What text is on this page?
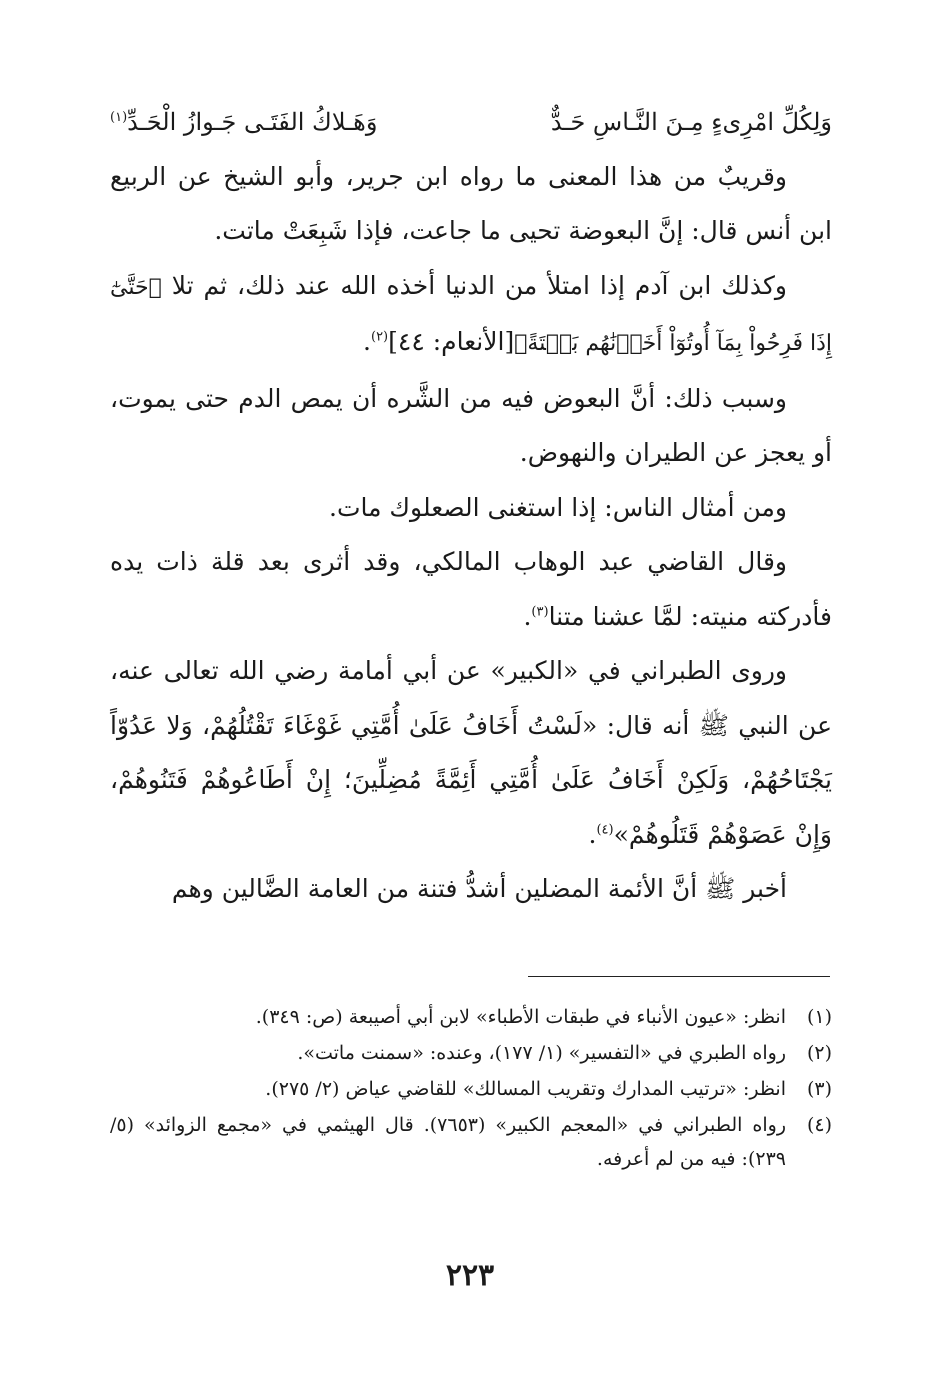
وَلِكُلِّ امْرِىءٍ مِـنَ النَّـاسِ حَـدٌّ
وَهَـلاكُ الفَتَـى جَـوازُ الْحَـدِّ$^{(١)}$

وقريبٌ من هذا المعنى ما رواه ابن جرير، وأبو الشيخ عن الربيع ابن أنس قال: إنَّ البعوضة تحيى ما جاعت، فإذا شَبِعَتْ ماتت.

وكذلك ابن آدم إذا امتلأ من الدنيا أخذه الله عند ذلك، ثم تلا ﴿حَتَّىٰٓ إِذَا فَرِحُواْ بِمَآ أُوتُوٓاْ أَخَذۡنَٰهُم بَغۡتَةً﴾[الأنعام: ٤٤]$^{(٢)}$.

وسبب ذلك: أنَّ البعوض فيه من الشَّره أن يمص الدم حتى يموت، أو يعجز عن الطيران والنهوض.

ومن أمثال الناس: إذا استغنى الصعلوك مات.

وقال القاضي عبد الوهاب المالكي، وقد أثرى بعد قلة ذات يده فأدركته منيته: لمَّا عشنا متنا$^{(٣)}$.

وروى الطبراني في «الكبير» عن أبي أمامة رضي الله تعالى عنه، عن النبي ﷺ أنه قال: «لَسْتُ أَخَافُ عَلَىٰ أُمَّتِي غَوْغَاءَ تَقْتُلُهُمْ، وَلا عَدُوّاً يَجْتَاحُهُمْ، وَلَكِنْ أَخَافُ عَلَىٰ أُمَّتِي أَئِمَّةً مُضِلِّينَ؛ إِنْ أَطَاعُوهُمْ فَتَنُوهُمْ، وَإِنْ عَصَوْهُمْ قَتَلُوهُمْ»$^{(٤)}$.

أخبر ﷺ أنَّ الأئمة المضلين أشدُّ فتنة من العامة الضَّالين وهم

(١)
انظر: «عيون الأنباء في طبقات الأطباء» لابن أبي أصيبعة (ص: ٣٤٩).
(٢)
رواه الطبري في «التفسير» (١/ ١٧٧)، وعنده: «سمنت ماتت».
(٣)
انظر: «ترتيب المدارك وتقريب المسالك» للقاضي عياض (٢/ ٢٧٥).
(٤)
رواه الطبراني في «المعجم الكبير» (٧٦٥٣). قال الهيثمي في «مجمع الزوائد» (٥/ ٢٣٩): فيه من لم أعرفه.
٢٢٣
